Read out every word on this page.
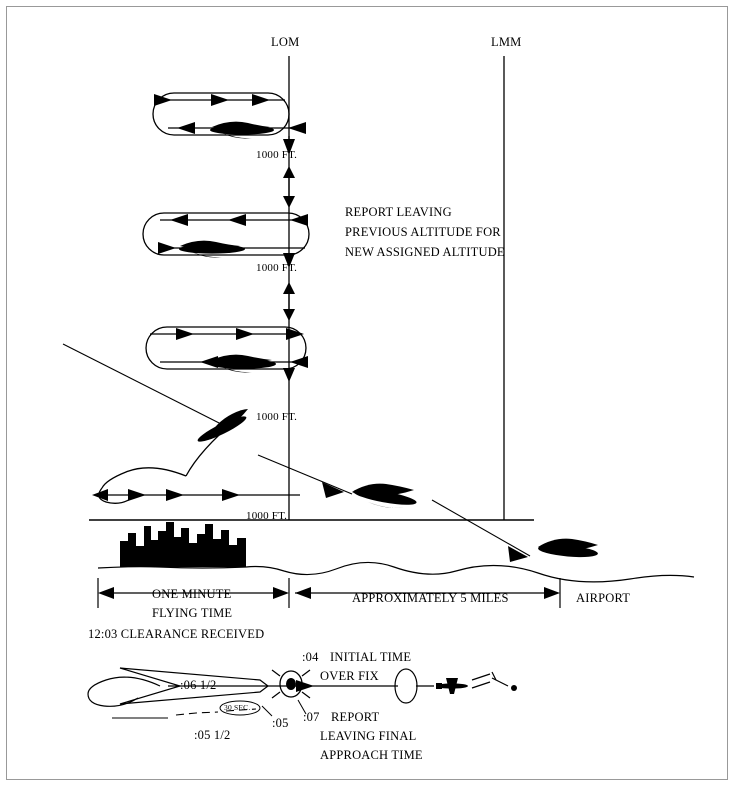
LOM	LMM
1000 FT.
1000 FT.
1000 FT.
1000 FT.
REPORT LEAVING
PREVIOUS ALTITUDE FOR
NEW ASSIGNED ALTITUDE
ONE MINUTE
FLYING TIME
APPROXIMATELY 5 MILES	AIRPORT
12:03 CLEARANCE RECEIVED
:06 1/2
:05 1/2
:05
30 SEC.
:04 INITIAL TIME
OVER FIX
:07 REPORT
LEAVING FINAL
APPROACH TIME
